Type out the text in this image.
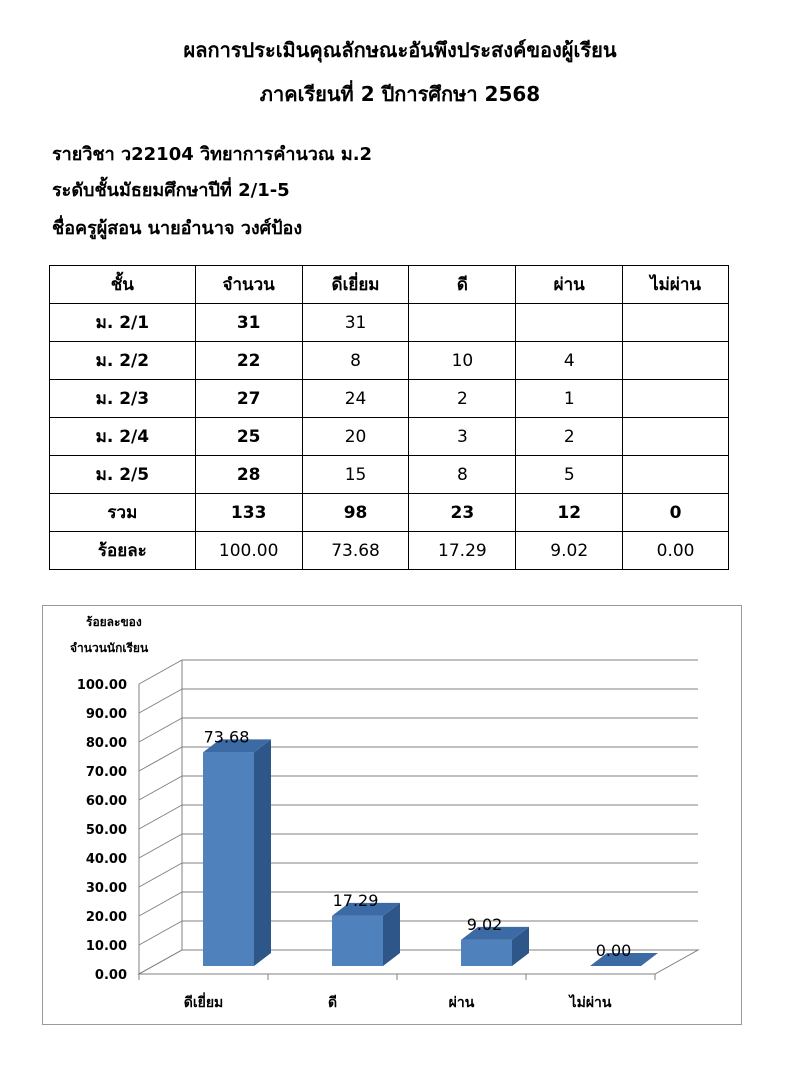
ผลการประเมินคุณลักษณะอันพึงประสงค์ของผู้เรียน
ภาคเรียนที่ 2 ปีการศึกษา 2568
รายวิชา ว22104 วิทยาการคำนวณ ม.2
ระดับชั้นมัธยมศึกษาปีที่ 2/1-5
ชื่อครูผู้สอน นายอำนาจ วงศ์ป้อง
ชั้น	จำนวน	ดีเยี่ยม	ดี	ผ่าน	ไม่ผ่าน
ม. 2/1	31	31			
ม. 2/2	22	8	10	4	
ม. 2/3	27	24	2	1	
ม. 2/4	25	20	3	2	
ม. 2/5	28	15	8	5	
รวม	133	98	23	12	0
ร้อยละ	100.00	73.68	17.29	9.02	0.00
0.00
10.00
20.00
30.00
40.00
50.00
60.00
70.00
80.00
90.00
100.00
73.68
ดีเยี่ยม
17.29
ดี
9.02
ผ่าน
0.00
ไม่ผ่าน
ร้อยละของ
จำนวนนักเรียน
